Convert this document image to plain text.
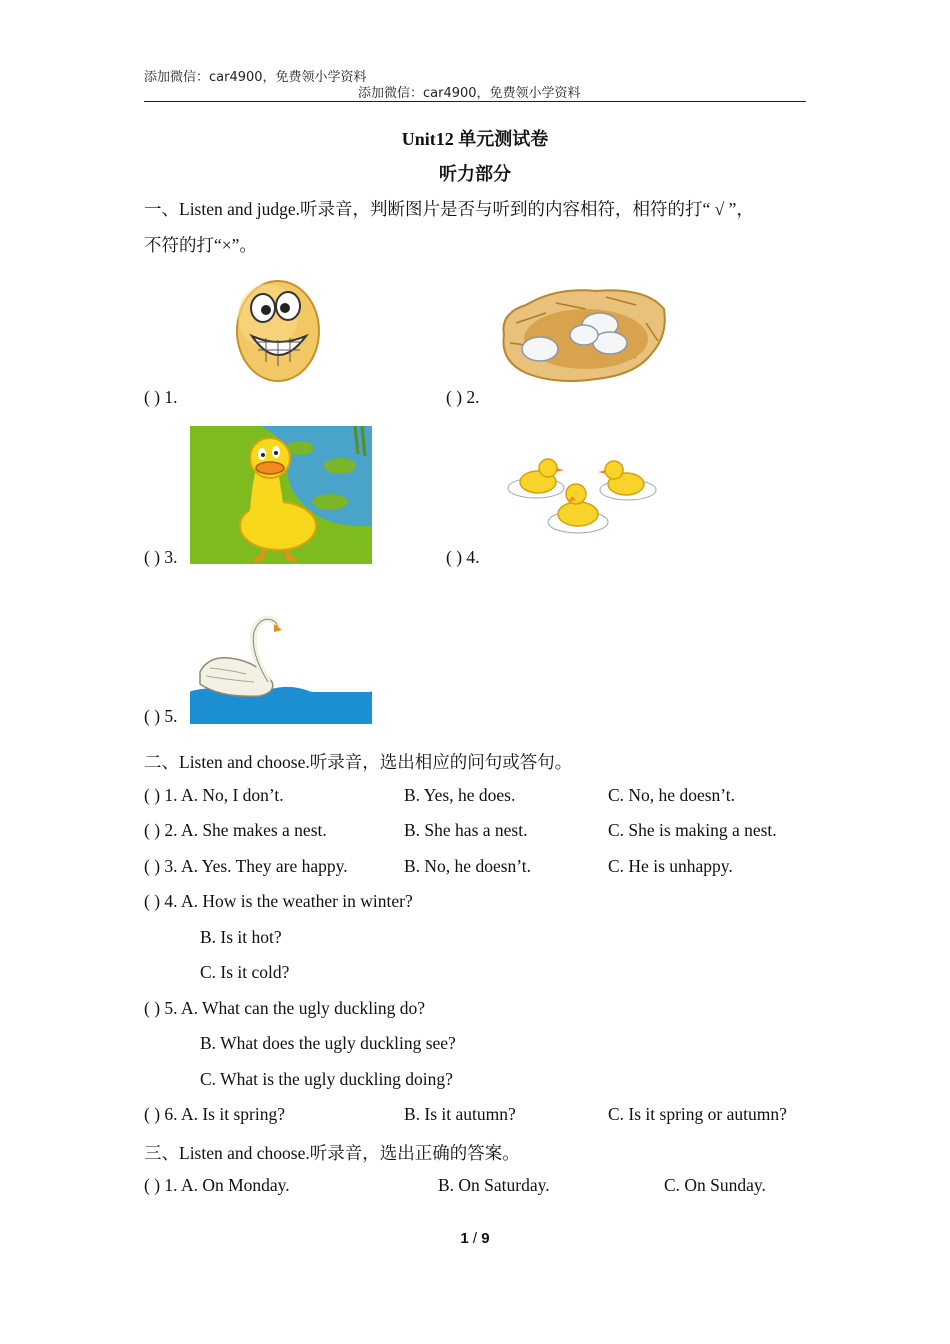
添加微信：car4900，免费领小学资料
添加微信：car4900，免费领小学资料
Unit12 单元测试卷
听力部分
一、Listen and judge.听录音，判断图片是否与听到的内容相符，相符的打“ √ ”，
不符的打“×”。
( ) 1.	( ) 2.
( ) 3.	( ) 4.
( ) 5.
二、Listen and choose.听录音，选出相应的问句或答句。
( ) 1. A. No, I don’t.	B. Yes, he does.	C. No, he doesn’t.
( ) 2. A. She makes a nest.	B. She has a nest.	C. She is making a nest.
( ) 3. A. Yes. They are happy.	B. No, he doesn’t.	C. He is unhappy.
( ) 4. A. How is the weather in winter?
B. Is it hot?
C. Is it cold?
( ) 5. A. What can the ugly duckling do?
B. What does the ugly duckling see?
C. What is the ugly duckling doing?
( ) 6. A. Is it spring?	B. Is it autumn?	C. Is it spring or autumn?
三、Listen and choose.听录音，选出正确的答案。
( ) 1. A. On Monday.	B. On Saturday.	C. On Sunday.
1 / 9
